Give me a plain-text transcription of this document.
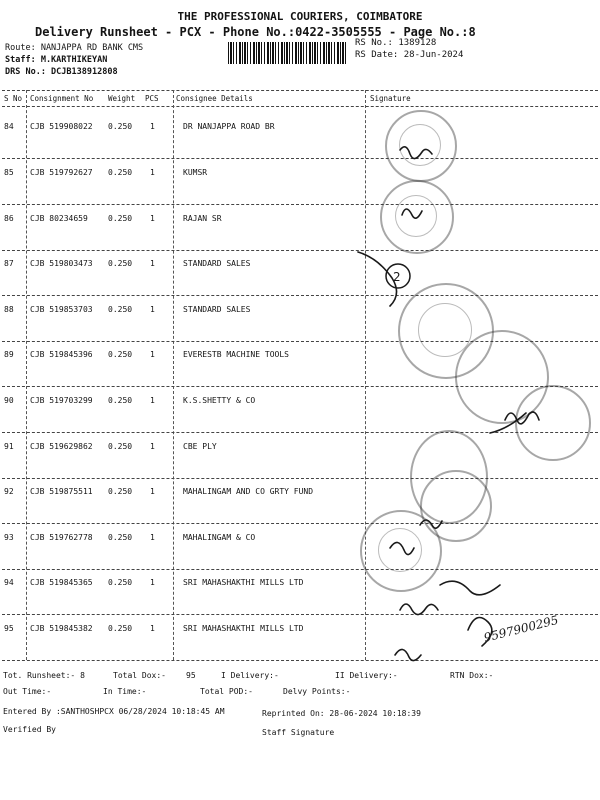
THE PROFESSIONAL COURIERS, COIMBATORE
Delivery Runsheet - PCX - Phone No.:0422-3505555 - Page No.:8
Route: NANJAPPA RD BANK CMS
Staff: M.KARTHIKEYAN
DRS No.: DCJB138912808
RS No.: 1389128
RS Date: 28-Jun-2024
S No Consignment No Weight PCS Consignee Details	Signature
84 CJB 519908022 0.250 1	DR NANJAPPA ROAD BR
85 CJB 519792627 0.250 1	KUMSR
86 CJB 80234659	0.250 1	RAJAN SR
87 CJB 519803473 0.250 1	STANDARD SALES
88 CJB 519853703 0.250 1	STANDARD SALES
89 CJB 519845396 0.250 1	EVERESTB MACHINE TOOLS
90 CJB 519703299 0.250 1	K.S.SHETTY & CO
91 CJB 519629862 0.250 1	CBE PLY
92 CJB 519875511 0.250 1	MAHALINGAM AND CO GRTY FUND
93 CJB 519762778 0.250 1	MAHALINGAM & CO
94 CJB 519845365 0.250 1	SRI MAHASHAKTHI MILLS LTD
95 CJB 519845382 0.250 1	SRI MAHASHAKTHI MILLS LTD
2
9597900295
Tot. Runsheet:- 8	Total Dox:-	95	I Delivery:-	II Delivery:-	RTN Dox:-
Out Time:-	In Time:-	Total POD:-	Delvy Points:-
Entered By :SANTHOSHPCX 06/28/2024 10:18:45 AM	Reprinted On: 28-06-2024 10:18:39
Verified By	Staff Signature
